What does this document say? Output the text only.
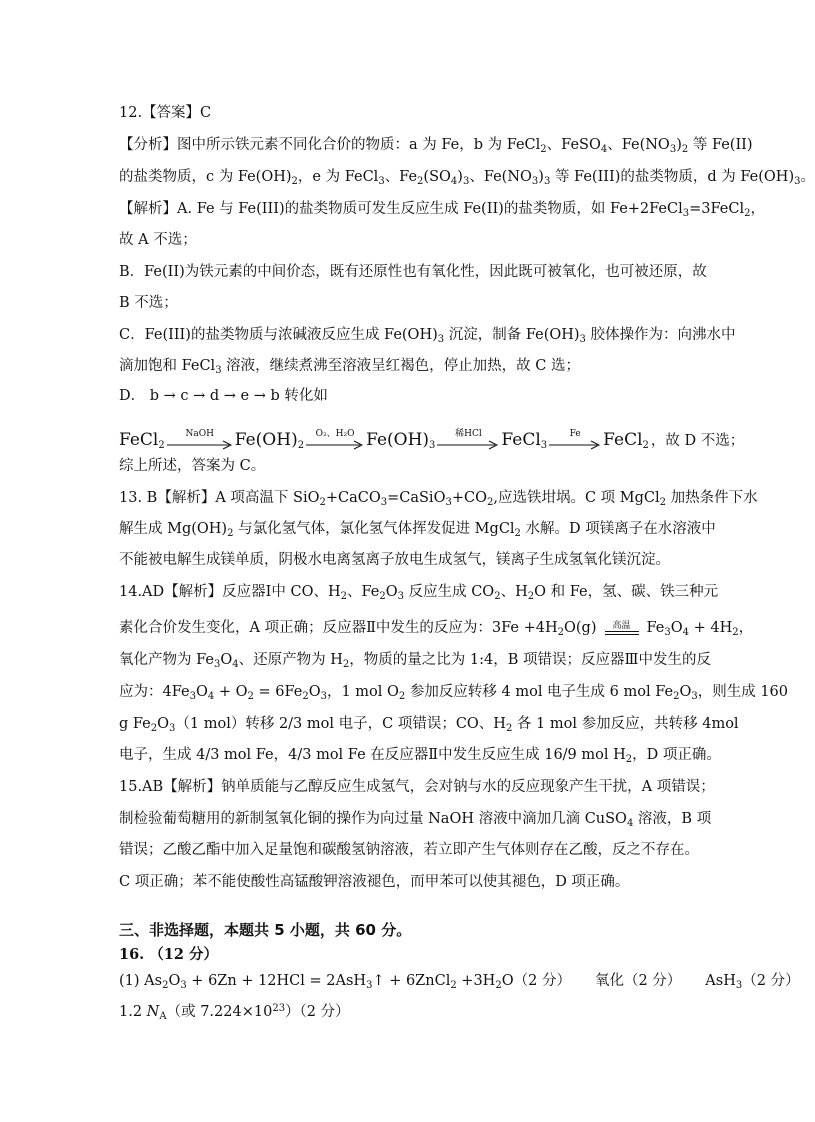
12.【答案】C
【分析】图中所示铁元素不同化合价的物质：a 为 Fe，b 为 FeCl$_2$、FeSO$_4$、$Fe(NO_3)_2$ 等 Fe(II)
的盐类物质，c 为 $Fe(OH)_2$，e 为 FeCl$_3$、$Fe_2(SO_4)_3$、$Fe(NO_3)_3$ 等 Fe(III)的盐类物质，d 为 $Fe(OH)_3$。
【解析】A. Fe 与 Fe(III)的盐类物质可发生反应生成 Fe(II)的盐类物质，如 Fe+2FeCl$_3$=3FeCl$_2$，
故 A 不选；
B．Fe(II)为铁元素的中间价态，既有还原性也有氧化性，因此既可被氧化，也可被还原，故
B 不选；
C．Fe(III)的盐类物质与浓碱液反应生成 $Fe(OH)_3$ 沉淀，制备 $Fe(OH)_3$ 胶体操作为：向沸水中
滴加饱和 FeCl$_3$ 溶液，继续煮沸至溶液呈红褐色，停止加热，故 C 选；
D． b → c → d → e → b 转化如
FeCl$_2$
NaOH $Fe(OH)_2$
O₂、H₂O $Fe(OH)_3$
稀HCl FeCl$_3$
Fe FeCl$_2$ ，故 D 不选；
综上所述，答案为 C。
13. B【解析】A 项高温下 $SiO_2+CaCO_3=CaSiO_3+CO_2$,应选铁坩埚。C 项 MgCl$_2$ 加热条件下水
解生成 $Mg(OH)_2$ 与氯化氢气体，氯化氢气体挥发促进 MgCl$_2$ 水解。D 项镁离子在水溶液中
不能被电解生成镁单质，阴极水电离氢离子放电生成氢气，镁离子生成氢氧化镁沉淀。
14.AD【解析】反应器Ⅰ中 CO、$H_2$、$Fe_2O_3$ 反应生成 $CO_2$、$H_2O$ 和 Fe，氢、碳、铁三种元
素化合价发生变化，A 项正确；反应器Ⅱ中发生的反应为：$3Fe +4H_2O(g)$ 高温 $Fe_3O_4 + 4H_2$，
氧化产物为 $Fe_3O_4$、还原产物为 $H_2$，物质的量之比为 1:4，B 项错误；反应器Ⅲ中发生的反
应为：$4Fe_3O_4 + O_2 = 6Fe_2O_3$，1 mol $O_2$ 参加反应转移 4 mol 电子生成 6 mol $Fe_2O_3$，则生成 160
g $Fe_2O_3(1$ mol）转移 2/3 mol 电子，C 项错误；CO、$H_2$ 各 1 mol 参加反应，共转移 4mol
电子，生成 4/3 mol Fe，4/3 mol Fe 在反应器Ⅱ中发生反应生成 16/9 mol $H_2$，D 项正确。
15.AB【解析】钠单质能与乙醇反应生成氢气，会对钠与水的反应现象产生干扰，A 项错误；
制检验葡萄糖用的新制氢氧化铜的操作为向过量 NaOH 溶液中滴加几滴 CuSO$_4$ 溶液，B 项
错误；乙酸乙酯中加入足量饱和碳酸氢钠溶液，若立即产生气体则存在乙酸，反之不存在。
C 项正确；苯不能使酸性高锰酸钾溶液褪色，而甲苯可以使其褪色，D 项正确。
三、非选择题，本题共 5 小题，共 60 分。
16. （12 分）
(1) $As_2O_3 + 6Zn + 12HCl$ = 2AsH$_3$↑ + 6ZnCl$_2$ $+3H_2O(2$ 分） 氧化（2 分） AsH$_3$（2 分）
1.2 $N_A$（或 $7.224\times 10^{23})(2$ 分）
